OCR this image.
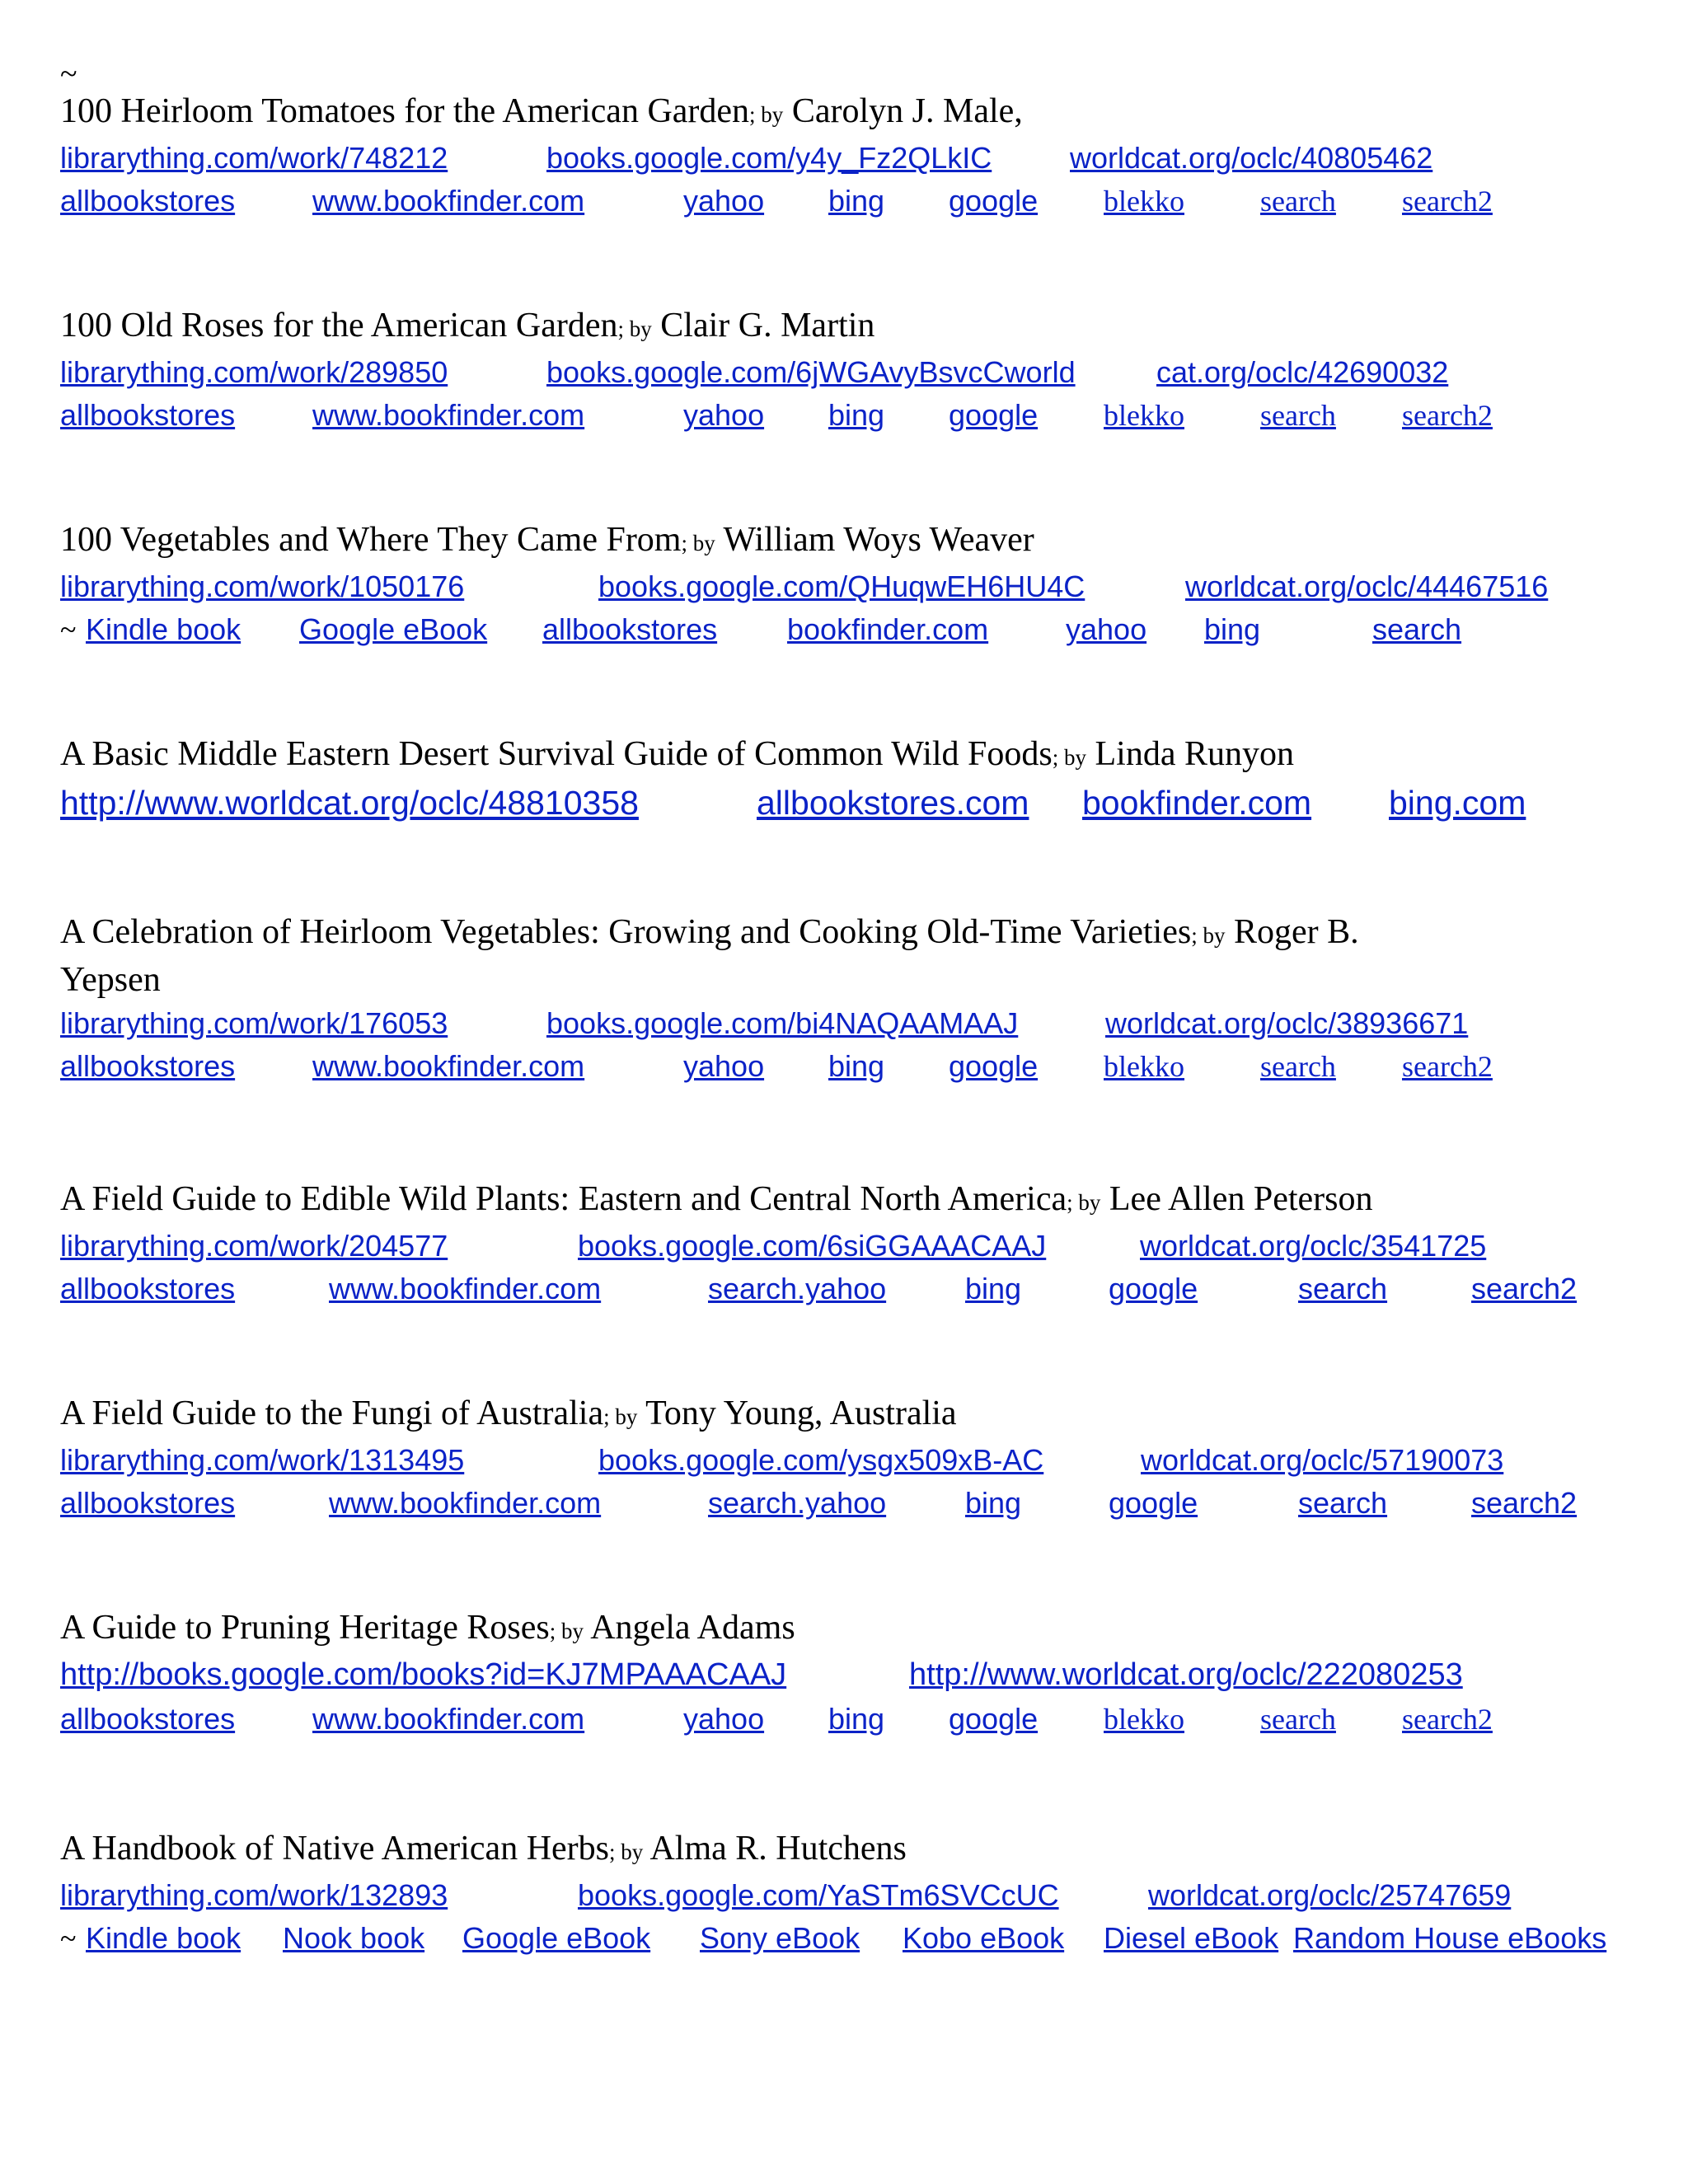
~
100 Heirloom Tomatoes for the American Garden; by Carolyn J. Male,
librarything.com/work/748212	books.google.com/y4y_Fz2QLkIC	worldcat.org/oclc/40805462
allbookstores	www.bookfinder.com	yahoo bing google blekko	search search2
100 Old Roses for the American Garden; by Clair G. Martin
librarything.com/work/289850	books.google.com/6jWGAvyBsvcCworld	cat.org/oclc/42690032
allbookstores	www.bookfinder.com	yahoo bing google blekko	search search2
100 Vegetables and Where They Came From; by William Woys Weaver
librarything.com/work/1050176	books.google.com/QHuqwEH6HU4C	worldcat.org/oclc/44467516
~ Kindle book Google eBook allbookstores bookfinder.com	yahoo bing	search
A Basic Middle Eastern Desert Survival Guide of Common Wild Foods; by Linda Runyon
http://www.worldcat.org/oclc/48810358	allbookstores.com bookfinder.com bing.com
A Celebration of Heirloom Vegetables: Growing and Cooking Old-Time Varieties; by Roger B.
Yepsen
librarything.com/work/176053	books.google.com/bi4NAQAAMAAJ	worldcat.org/oclc/38936671
allbookstores	www.bookfinder.com	yahoo bing google blekko	search search2
A Field Guide to Edible Wild Plants: Eastern and Central North America; by Lee Allen Peterson
librarything.com/work/204577	books.google.com/6siGGAAACAAJ	worldcat.org/oclc/3541725
allbookstores	www.bookfinder.com	search.yahoo	bing	google	search	search2
A Field Guide to the Fungi of Australia; by Tony Young, Australia
librarything.com/work/1313495	books.google.com/ysgx509xB-AC	worldcat.org/oclc/57190073
allbookstores	www.bookfinder.com	search.yahoo	bing	google	search	search2
A Guide to Pruning Heritage Roses; by Angela Adams
http://books.google.com/books?id=KJ7MPAAACAAJ	http://www.worldcat.org/oclc/222080253
allbookstores	www.bookfinder.com	yahoo bing google blekko	search search2
A Handbook of Native American Herbs; by Alma R. Hutchens
librarything.com/work/132893	books.google.com/YaSTm6SVCcUC	worldcat.org/oclc/25747659
~ Kindle book Nook book Google eBook Sony eBook Kobo eBook Diesel eBook Random House eBooks
